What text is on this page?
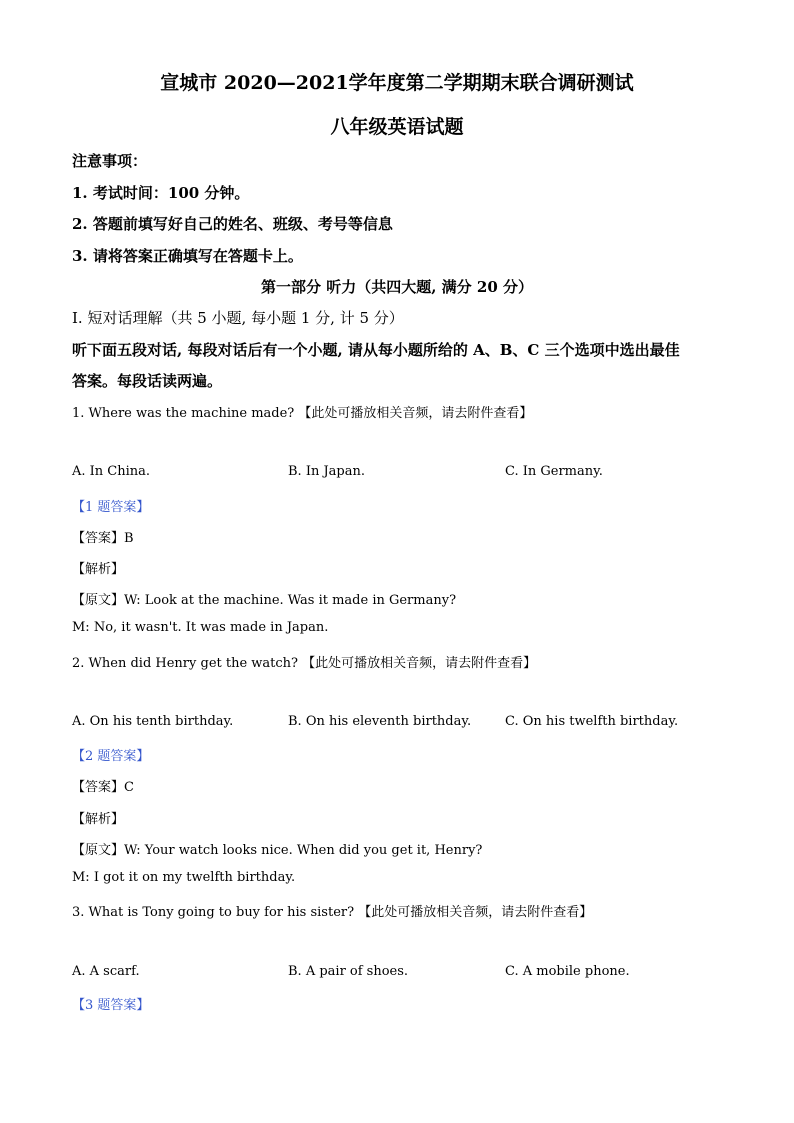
宣城市 2020—2021学年度第二学期期末联合调研测试
八年级英语试题
注意事项：
1. 考试时间：100 分钟。
2. 答题前填写好自己的姓名、班级、考号等信息
3. 请将答案正确填写在答题卡上。
第一部分 听力（共四大题, 满分 20 分）
Ⅰ. 短对话理解（共 5 小题, 每小题 1 分, 计 5 分）
听下面五段对话, 每段对话后有一个小题, 请从每小题所给的 A、B、C 三个选项中选出最佳
答案。每段话读两遍。
1. Where was the machine made? 【此处可播放相关音频，请去附件查看】
A. In China.	B. In Japan.	C. In Germany.
【1 题答案】
【答案】B
【解析】
【原文】W: Look at the machine. Was it made in Germany?
M: No, it wasn't. It was made in Japan.
2. When did Henry get the watch? 【此处可播放相关音频，请去附件查看】
A. On his tenth birthday.	B. On his eleventh birthday.	C. On his twelfth birthday.
【2 题答案】
【答案】C
【解析】
【原文】W: Your watch looks nice. When did you get it, Henry?
M: I got it on my twelfth birthday.
3. What is Tony going to buy for his sister? 【此处可播放相关音频，请去附件查看】
A. A scarf.	B. A pair of shoes.	C. A mobile phone.
【3 题答案】
